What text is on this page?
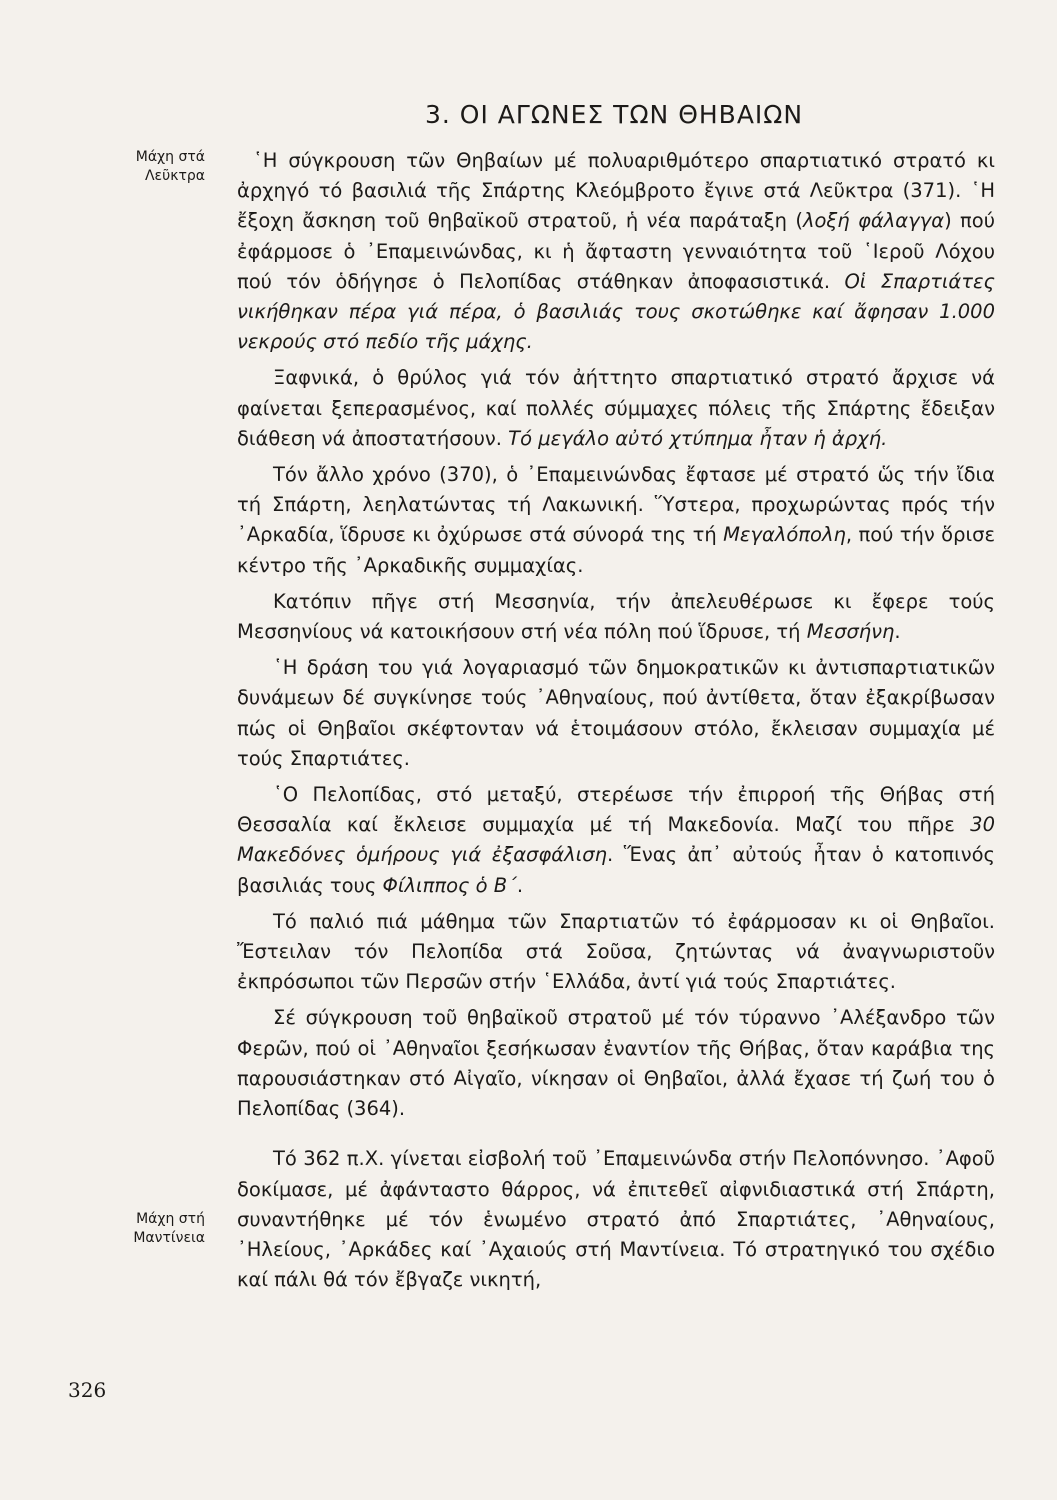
3. ΟΙ ΑΓΩΝΕΣ ΤΩΝ ΘΗΒΑΙΩΝ

Μάχη στά
Λεῦκτρα

Μάχη στή
Μαντίνεια

῾Η σύγκρουση τῶν Θηβαίων μέ πολυαριθμότερο σπαρτιατικό στρατό κι ἀρχηγό τό βασιλιά τῆς Σπάρτης Κλεόμβροτο ἔγινε στά Λεῦκτρα (371). ῾Η ἔξοχη ἄσκηση τοῦ θηβαϊκοῦ στρατοῦ, ἡ νέα παράταξη (λοξή φάλαγγα) πού ἐφάρμοσε ὁ ᾿Επαμεινώνδας, κι ἡ ἄφταστη γενναιότητα τοῦ ῾Ιεροῦ Λόχου πού τόν ὁδήγησε ὁ Πελοπίδας στάθηκαν ἀποφασιστικά. Οἱ Σπαρτιάτες νικήθηκαν πέρα γιά πέρα, ὁ βασιλιάς τους σκοτώθηκε καί ἄφησαν 1.000 νεκρούς στό πεδίο τῆς μάχης.

Ξαφνικά, ὁ θρύλος γιά τόν ἀήττητο σπαρτιατικό στρατό ἄρχισε νά φαίνεται ξεπερασμένος, καί πολλές σύμμαχες πόλεις τῆς Σπάρτης ἔδειξαν διάθεση νά ἀποστατήσουν. Τό μεγάλο αὐτό χτύπημα ἦταν ἡ ἀρχή.

Τόν ἄλλο χρόνο (370), ὁ ᾿Επαμεινώνδας ἔφτασε μέ στρατό ὥς τήν ἴδια τή Σπάρτη, λεηλατώντας τή Λακωνική. Ὕστερα, προχωρώντας πρός τήν ᾿Αρκαδία, ἵδρυσε κι ὀχύρωσε στά σύνορά της τή Μεγαλόπολη, πού τήν ὅρισε κέντρο τῆς ᾿Αρκαδικῆς συμμαχίας.

Κατόπιν πῆγε στή Μεσσηνία, τήν ἀπελευθέρωσε κι ἔφερε τούς Μεσσηνίους νά κατοικήσουν στή νέα πόλη πού ἵδρυσε, τή Μεσσήνη.

῾Η δράση του γιά λογαριασμό τῶν δημοκρατικῶν κι ἀντισπαρτιατικῶν δυνάμεων δέ συγκίνησε τούς ᾿Αθηναίους, πού ἀντίθετα, ὅταν ἐξακρίβωσαν πώς οἱ Θηβαῖοι σκέφτονταν νά ἑτοιμάσουν στόλο, ἔκλεισαν συμμαχία μέ τούς Σπαρτιάτες.

῾Ο Πελοπίδας, στό μεταξύ, στερέωσε τήν ἐπιρροή τῆς Θήβας στή Θεσσαλία καί ἔκλεισε συμμαχία μέ τή Μακεδονία. Μαζί του πῆρε 30 Μακεδόνες ὁμήρους γιά ἐξασφάλιση. Ἕνας ἀπ᾿ αὐτούς ἦταν ὁ κατοπινός βασιλιάς τους Φίλιππος ὁ Β΄.

Τό παλιό πιά μάθημα τῶν Σπαρτιατῶν τό ἐφάρμοσαν κι οἱ Θηβαῖοι. Ἔστειλαν τόν Πελοπίδα στά Σοῦσα, ζητώντας νά ἀναγνωριστοῦν ἐκπρόσωποι τῶν Περσῶν στήν ῾Ελλάδα, ἀντί γιά τούς Σπαρτιάτες.

Σέ σύγκρουση τοῦ θηβαϊκοῦ στρατοῦ μέ τόν τύραννο ᾿Αλέξανδρο τῶν Φερῶν, πού οἱ ᾿Αθηναῖοι ξεσήκωσαν ἐναντίον τῆς Θήβας, ὅταν καράβια της παρουσιάστηκαν στό Αἰγαῖο, νίκησαν οἱ Θηβαῖοι, ἀλλά ἔχασε τή ζωή του ὁ Πελοπίδας (364).

Τό 362 π.Χ. γίνεται εἰσβολή τοῦ ᾿Επαμεινώνδα στήν Πελοπόννησο. ᾿Αφοῦ δοκίμασε, μέ ἀφάνταστο θάρρος, νά ἐπιτεθεῖ αἰφνιδιαστικά στή Σπάρτη, συναντήθηκε μέ τόν ἑνωμένο στρατό ἀπό Σπαρτιάτες, ᾿Αθηναίους, ᾿Ηλείους, ᾿Αρκάδες καί ᾿Αχαιούς στή Μαντίνεια. Τό στρατηγικό του σχέδιο καί πάλι θά τόν ἔβγαζε νικητή,

326
